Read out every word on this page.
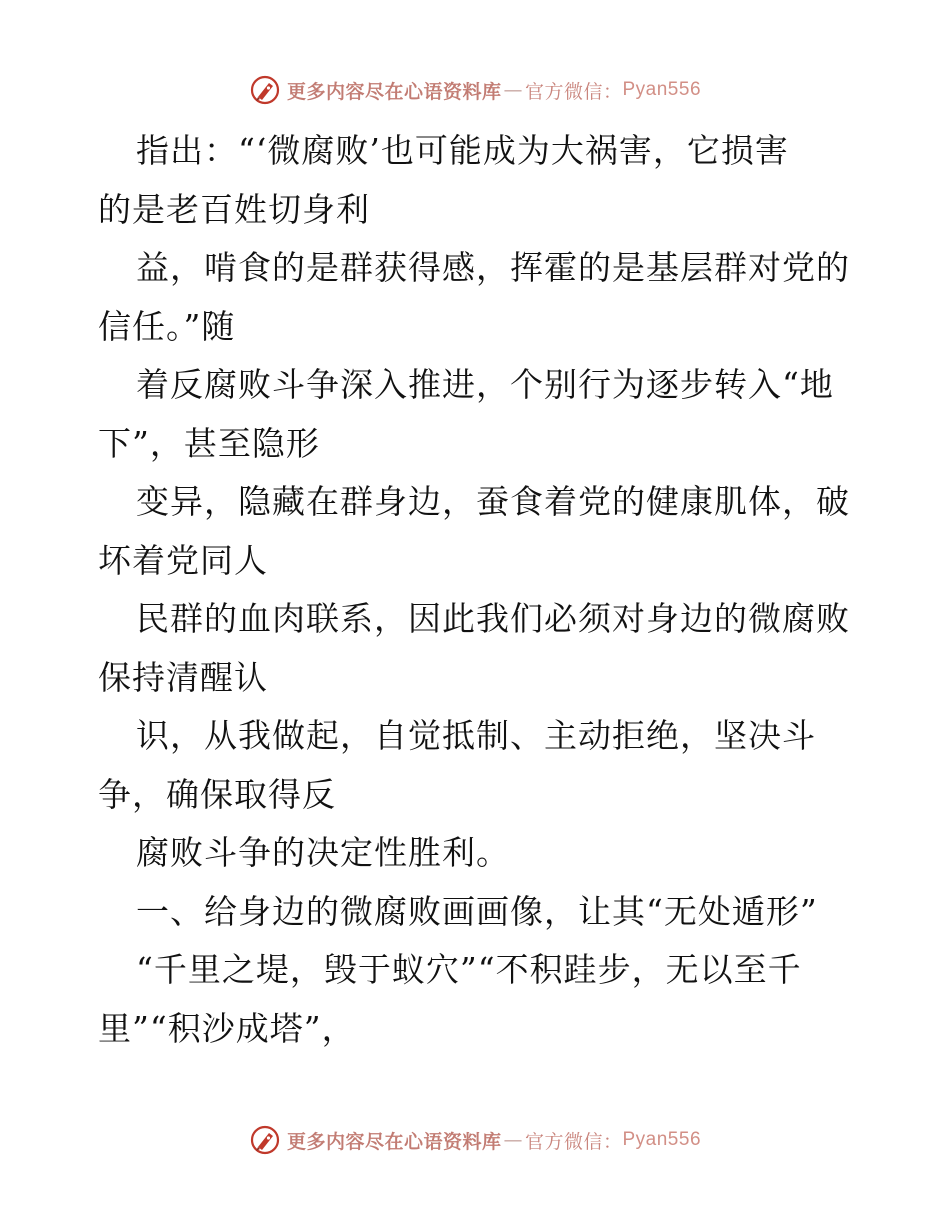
更多内容尽在心语资料库 — 官方微信： Pyan556
指出：“‘微腐败’也可能成为大祸害，它损害
的是老百姓切身利
益，啃食的是群获得感，挥霍的是基层群对党的
信任。”随
着反腐败斗争深入推进，个别行为逐步转入“地
下”，甚至隐形
变异，隐藏在群身边，蚕食着党的健康肌体，破
坏着党同人
民群的血肉联系，因此我们必须对身边的微腐败
保持清醒认
识，从我做起，自觉抵制、主动拒绝，坚决斗
争，确保取得反
腐败斗争的决定性胜利。
一、给身边的微腐败画画像，让其“无处遁形”
“千里之堤，毁于蚁穴”“不积跬步，无以至千
里”“积沙成塔”，
更多内容尽在心语资料库 — 官方微信： Pyan556
